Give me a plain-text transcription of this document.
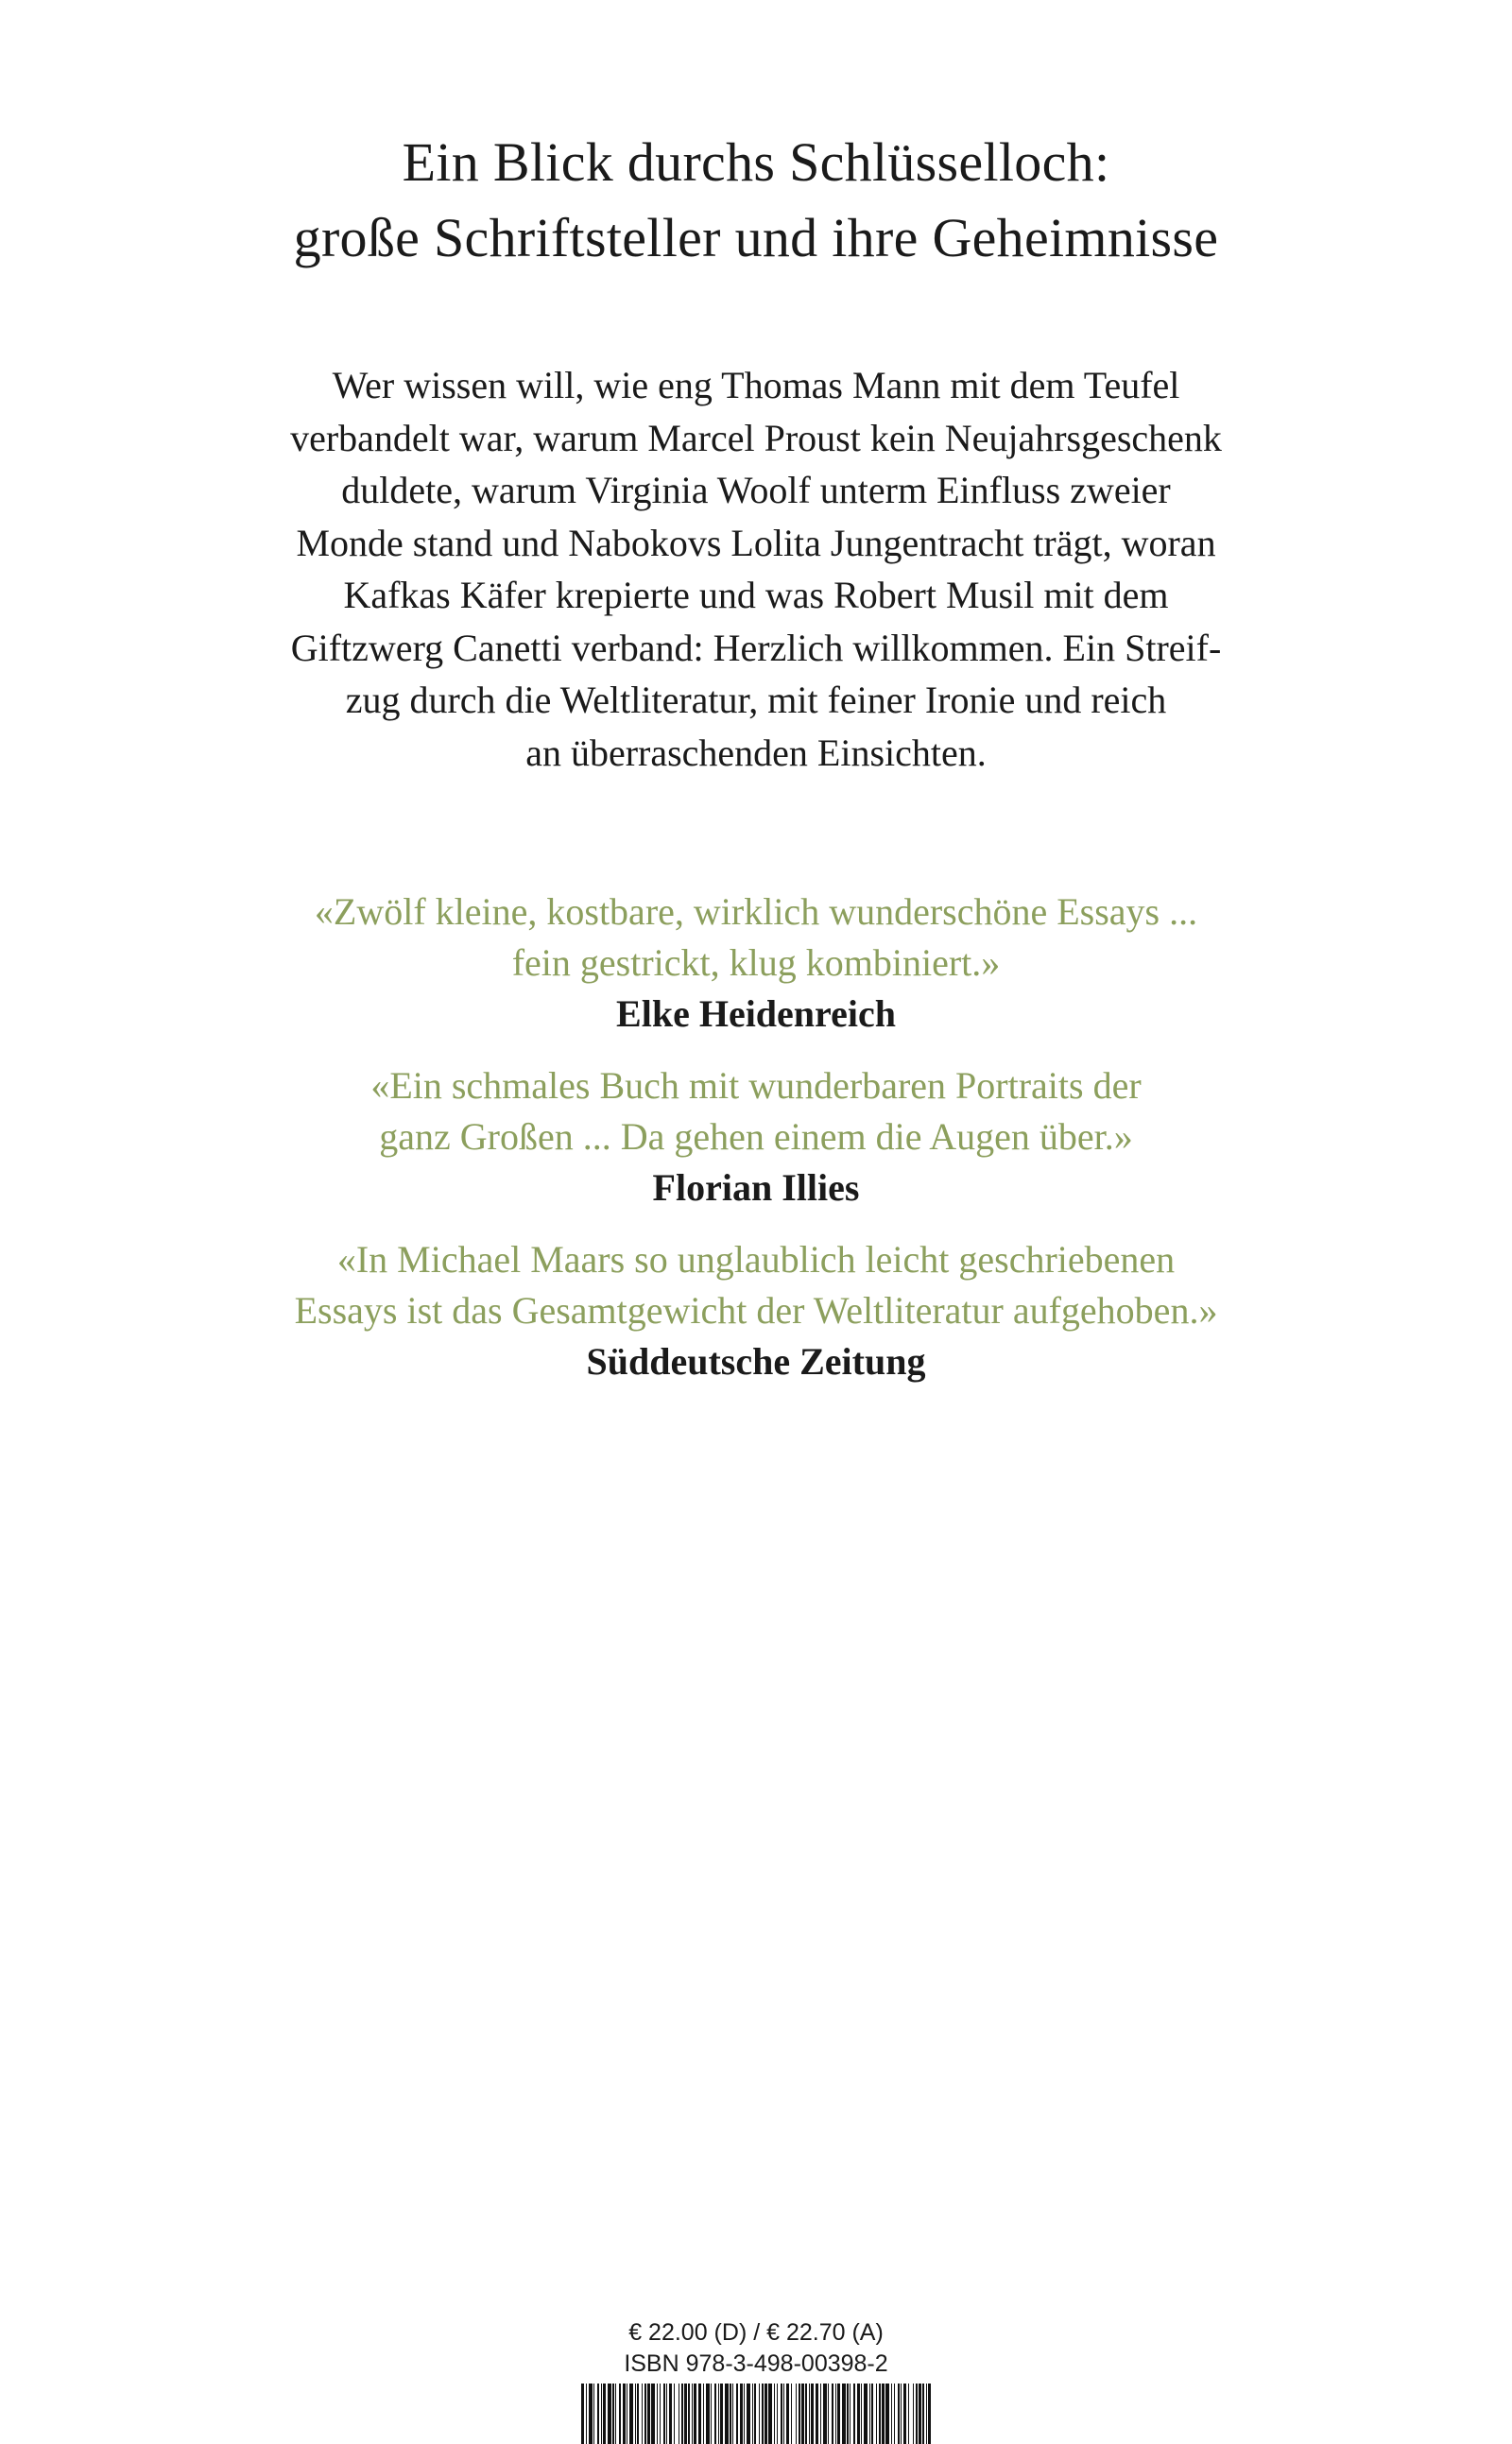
Ein Blick durchs Schlüsselloch:
große Schriftsteller und ihre Geheimnisse
Wer wissen will, wie eng Thomas Mann mit dem Teufel
verbandelt war, warum Marcel Proust kein Neujahrsgeschenk
duldete, warum Virginia Woolf unterm Einfluss zweier
Monde stand und Nabokovs Lolita Jungentracht trägt, woran
Kafkas Käfer krepierte und was Robert Musil mit dem
Giftzwerg Canetti verband: Herzlich willkommen. Ein Streif-
zug durch die Weltliteratur, mit feiner Ironie und reich
an überraschenden Einsichten.
«Zwölf kleine, kostbare, wirklich wunderschöne Essays ...
fein gestrickt, klug kombiniert.»
Elke Heidenreich
«Ein schmales Buch mit wunderbaren Portraits der
ganz Großen ... Da gehen einem die Augen über.»
Florian Illies
«In Michael Maars so unglaublich leicht geschriebenen
Essays ist das Gesamtgewicht der Weltliteratur aufgehoben.»
Süddeutsche Zeitung
€ 22.00 (D) / € 22.70 (A)
ISBN 978-3-498-00398-2
